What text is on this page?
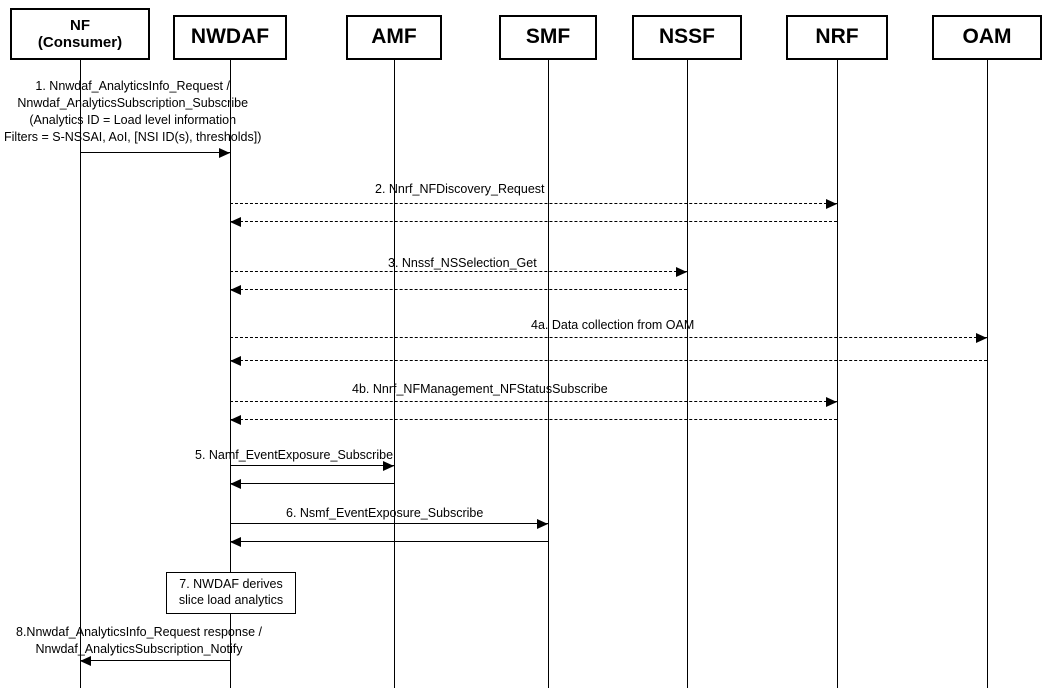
NF
(Consumer)	NWDAF	AMF	SMF	NSSF	NRF	OAM
1. Nnwdaf_AnalyticsInfo_Request /
Nnwdaf_AnalyticsSubscription_Subscribe
(Analytics ID = Load level information
Filters = S-NSSAI, AoI, [NSI ID(s), thresholds])
2. Nnrf_NFDiscovery_Request
3. Nnssf_NSSelection_Get
4a. Data collection from OAM
4b. Nnrf_NFManagement_NFStatusSubscribe
5. Namf_EventExposure_Subscribe
6. Nsmf_EventExposure_Subscribe
8.Nnwdaf_AnalyticsInfo_Request response /
Nnwdaf_AnalyticsSubscription_Notify
7. NWDAF derives
slice load analytics
